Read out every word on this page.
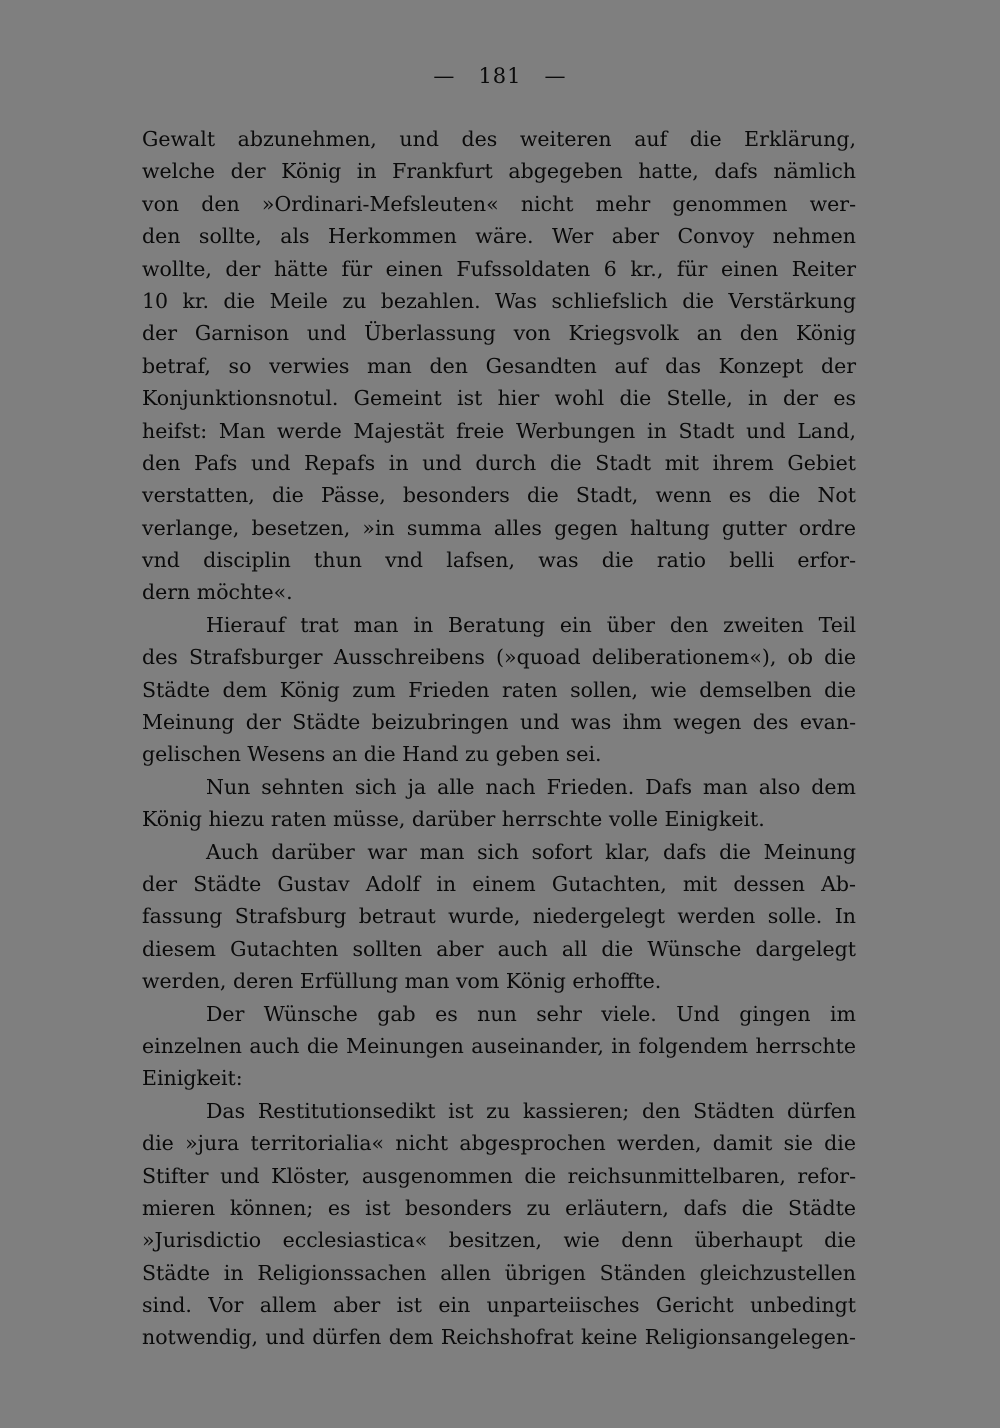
—   181   —
Gewalt abzunehmen, und des weiteren auf die Erklärung,
welche der König in Frankfurt abgegeben hatte, dafs nämlich
von den »Ordinari-Mefsleuten« nicht mehr genommen wer-
den sollte, als Herkommen wäre. Wer aber Convoy nehmen
wollte, der hätte für einen Fufssoldaten 6 kr., für einen Reiter
10 kr. die Meile zu bezahlen. Was schliefslich die Verstärkung
der Garnison und Überlassung von Kriegsvolk an den König
betraf, so verwies man den Gesandten auf das Konzept der
Konjunktionsnotul. Gemeint ist hier wohl die Stelle, in der es
heifst: Man werde Majestät freie Werbungen in Stadt und Land,
den Pafs und Repafs in und durch die Stadt mit ihrem Gebiet
verstatten, die Pässe, besonders die Stadt, wenn es die Not
verlange, besetzen, »in summa alles gegen haltung gutter ordre
vnd disciplin thun vnd lafsen, was die ratio belli erfor-
dern möchte«.
Hierauf trat man in Beratung ein über den zweiten Teil
des Strafsburger Ausschreibens (»quoad deliberationem«), ob die
Städte dem König zum Frieden raten sollen, wie demselben die
Meinung der Städte beizubringen und was ihm wegen des evan-
gelischen Wesens an die Hand zu geben sei.
Nun sehnten sich ja alle nach Frieden. Dafs man also dem
König hiezu raten müsse, darüber herrschte volle Einigkeit.
Auch darüber war man sich sofort klar, dafs die Meinung
der Städte Gustav Adolf in einem Gutachten, mit dessen Ab-
fassung Strafsburg betraut wurde, niedergelegt werden solle. In
diesem Gutachten sollten aber auch all die Wünsche dargelegt
werden, deren Erfüllung man vom König erhoffte.
Der Wünsche gab es nun sehr viele. Und gingen im
einzelnen auch die Meinungen auseinander, in folgendem herrschte
Einigkeit:
Das Restitutionsedikt ist zu kassieren; den Städten dürfen
die »jura territorialia« nicht abgesprochen werden, damit sie die
Stifter und Klöster, ausgenommen die reichsunmittelbaren, refor-
mieren können; es ist besonders zu erläutern, dafs die Städte
»Jurisdictio ecclesiastica« besitzen, wie denn überhaupt die
Städte in Religionssachen allen übrigen Ständen gleichzustellen
sind. Vor allem aber ist ein unparteiisches Gericht unbedingt
notwendig, und dürfen dem Reichshofrat keine Religionsangelegen-
